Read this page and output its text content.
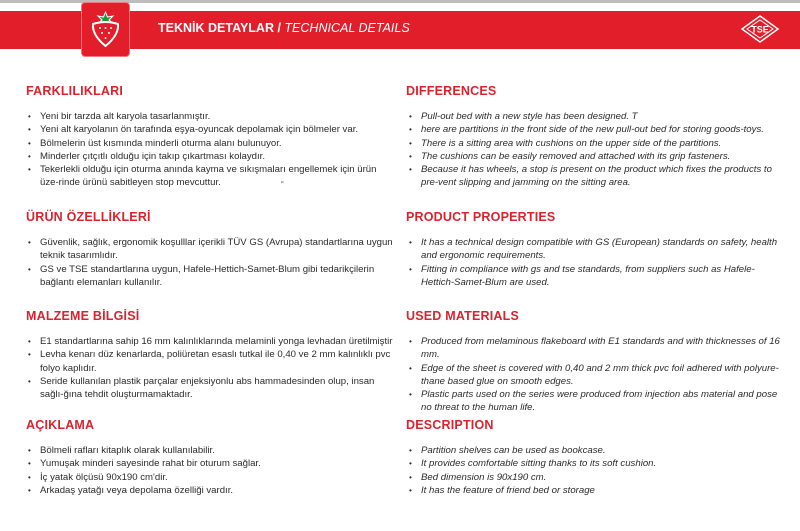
TEKNİK DETAYLAR / TECHNICAL DETAILS	TSE
FARKLILIKLARI
• Yeni bir tarzda alt karyola tasarlanmıştır.
• Yeni alt karyolanın ön tarafında eşya-oyuncak depolamak için bölmeler var.
• Bölmelerin üst kısmında minderli oturma alanı bulunuyor.
• Minderler çıtçıtlı olduğu için takıp çıkartması kolaydır.
• Tekerlekli olduğu için oturma anında kayma ve sıkışmaları engellemek için ürün üze-rinde ürünü sabitleyen stop mevcuttur.	“
ÜRÜN ÖZELLİKLERİ
• Güvenlik, sağlık, ergonomik koşulllar içerikli TÜV GS (Avrupa) standartlarına uygun teknik tasarımlıdır.
• GS ve TSE standartlarına uygun, Hafele-Hettich-Samet-Blum gibi tedarikçilerin bağlantı elemanları kullanılır.
MALZEME BİLGİSİ
• E1 standartlarına sahip 16 mm kalınlıklarında melaminli yonga levhadan üretilmiştir
• Levha kenarı düz kenarlarda, poliüretan esaslı tutkal ile 0,40 ve 2 mm kalınlıklı pvc folyo kaplıdır.
• Seride kullanılan plastik parçalar enjeksiyonlu abs hammadesinden olup, insan sağlı-ğına tehdit oluşturmamaktadır.
AÇIKLAMA
• Bölmeli rafları kitaplık olarak kullanılabilir.
• Yumuşak minderi sayesinde rahat bir oturum sağlar.
• İç yatak ölçüsü 90x190 cm'dir.
• Arkadaş yatağı veya depolama özelliği vardır.
DIFFERENCES
• Pull-out bed with a new style has been designed. T
• here are partitions in the front side of the new pull-out bed for storing goods-toys.
• There is a sitting area with cushions on the upper side of the partitions.
• The cushions can be easily removed and attached with its grip fasteners.
• Because it has wheels, a stop is present on the product which fixes the products to pre-vent slipping and jamming on the sitting area.
PRODUCT PROPERTIES
• It has a technical design compatible with GS (European) standards on safety, health and ergonomic requirements.
• Fitting in compliance with gs and tse standards, from suppliers such as Hafele-Hettich-Samet-Blum are used.
USED MATERIALS
• Produced from melaminous flakeboard with E1 standards and with thicknesses of 16 mm.
• Edge of the sheet is covered with 0,40 and 2 mm thick pvc foil adhered with polyure-thane based glue on smooth edges.
• Plastic parts used on the series were produced from injection abs material and pose no threat to the human life.
DESCRIPTION
• Partition shelves can be used as bookcase.
• It provides comfortable sitting thanks to its soft cushion.
• Bed dimension is 90x190 cm.
• It has the feature of friend bed or storage
